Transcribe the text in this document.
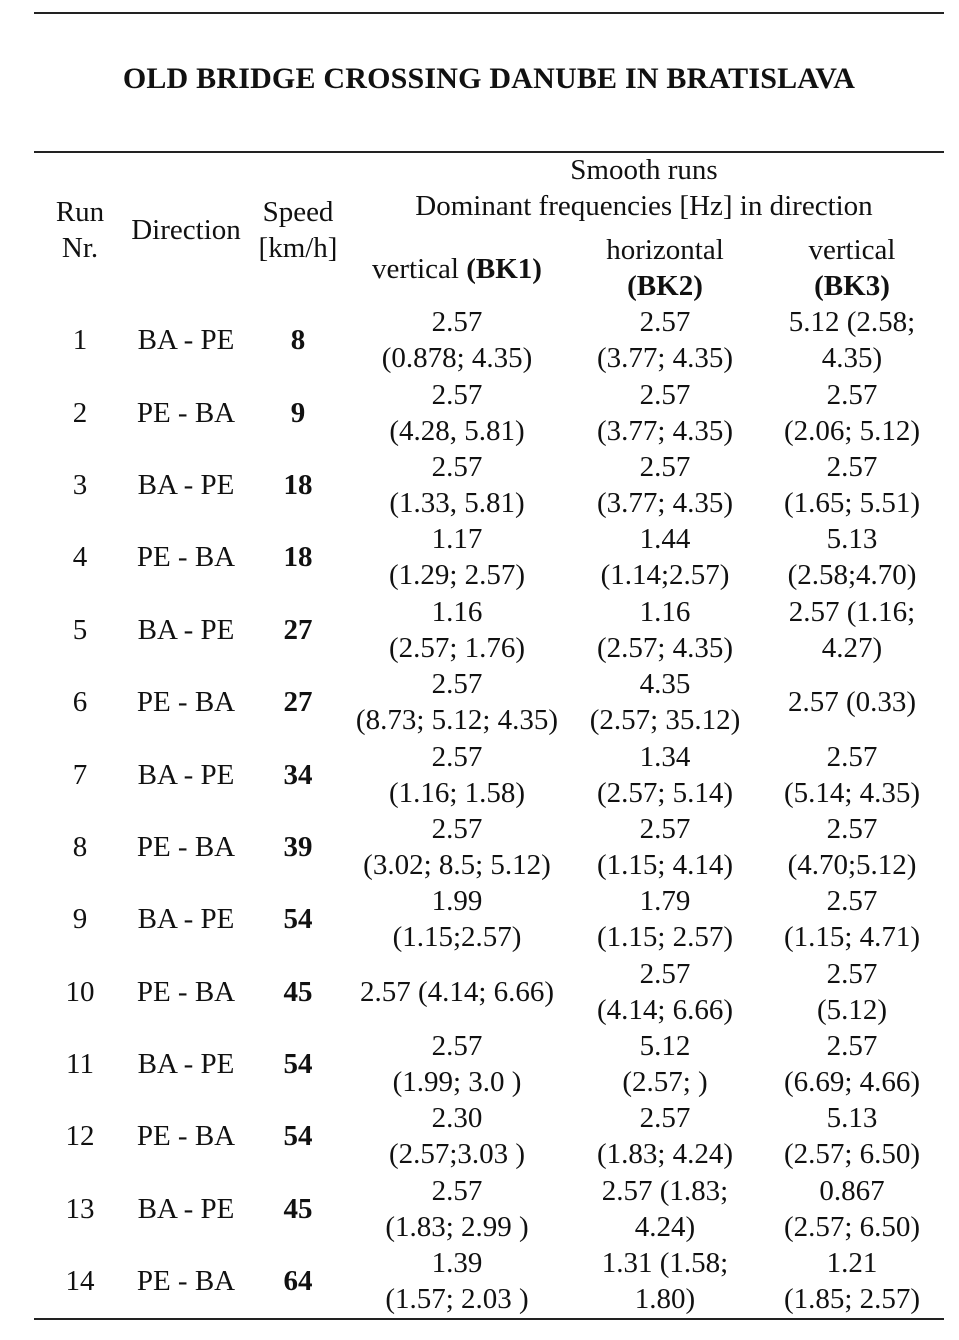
OLD BRIDGE CROSSING DANUBE IN BRATISLAVA
Run
Nr.
Direction
Speed
[km/h]
Smooth runs
Dominant frequencies [Hz] in direction
vertical (BK1)
horizontal
(BK2)
vertical
(BK3)
1 BA - PE 8
2.57
(0.878; 4.35)
2.57
(3.77; 4.35)
5.12 (2.58;
4.35)
2 PE - BA 9
2.57
(4.28, 5.81)
2.57
(3.77; 4.35)
2.57
(2.06; 5.12)
3 BA - PE 18
2.57
(1.33, 5.81)
2.57
(3.77; 4.35)
2.57
(1.65; 5.51)
4 PE - BA 18
1.17
(1.29; 2.57)
1.44
(1.14;2.57)
5.13
(2.58;4.70)
5 BA - PE 27
1.16
(2.57; 1.76)
1.16
(2.57; 4.35)
2.57 (1.16;
4.27)
6 PE - BA 27
2.57
(8.73; 5.12; 4.35)
4.35
(2.57; 35.12)
2.57 (0.33)
7 BA - PE 34
2.57
(1.16; 1.58)
1.34
(2.57; 5.14)
2.57
(5.14; 4.35)
8 PE - BA 39
2.57
(3.02; 8.5; 5.12)
2.57
(1.15; 4.14)
2.57
(4.70;5.12)
9 BA - PE 54
1.99
(1.15;2.57)
1.79
(1.15; 2.57)
2.57
(1.15; 4.71)
10 PE - BA 45 2.57 (4.14; 6.66)
2.57
(4.14; 6.66)
2.57
(5.12)
11 BA - PE 54
2.57
(1.99; 3.0 )
5.12
(2.57; )
2.57
(6.69; 4.66)
12 PE - BA 54
2.30
(2.57;3.03 )
2.57
(1.83; 4.24)
5.13
(2.57; 6.50)
13 BA - PE 45
2.57
(1.83; 2.99 )
2.57 (1.83;
4.24)
0.867
(2.57; 6.50)
14 PE - BA 64
1.39
(1.57; 2.03 )
1.31 (1.58;
1.80)
1.21
(1.85; 2.57)
